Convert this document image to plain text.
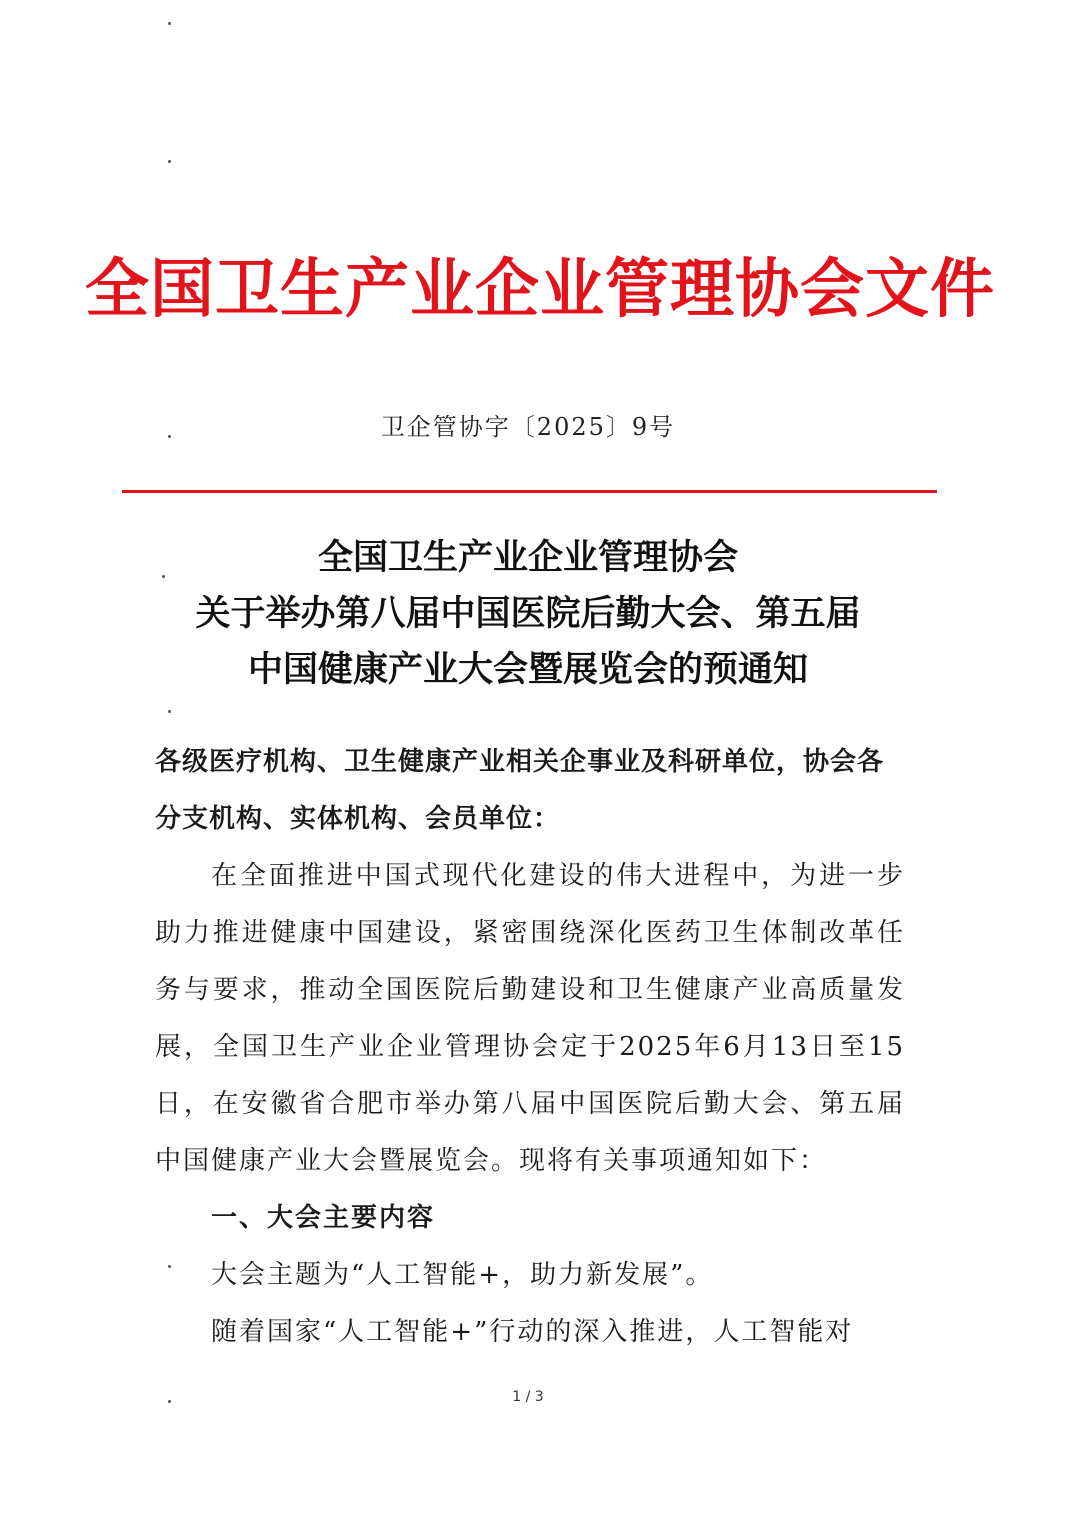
全国卫生产业企业管理协会文件
卫企管协字〔2025〕9号
全国卫生产业企业管理协会
关于举办第八届中国医院后勤大会、第五届
中国健康产业大会暨展览会的预通知
各级医疗机构、卫生健康产业相关企事业及科研单位，协会各分支机构、实体机构、会员单位：
在全面推进中国式现代化建设的伟大进程中，为进一步助力推进健康中国建设，紧密围绕深化医药卫生体制改革任务与要求，推动全国医院后勤建设和卫生健康产业高质量发展，全国卫生产业企业管理协会定于2025年6月13日至15日，在安徽省合肥市举办第八届中国医院后勤大会、第五届中国健康产业大会暨展览会。现将有关事项通知如下：
一、大会主要内容
大会主题为“人工智能+，助力新发展”。
随着国家“人工智能+”行动的深入推进，人工智能对
1 / 3
